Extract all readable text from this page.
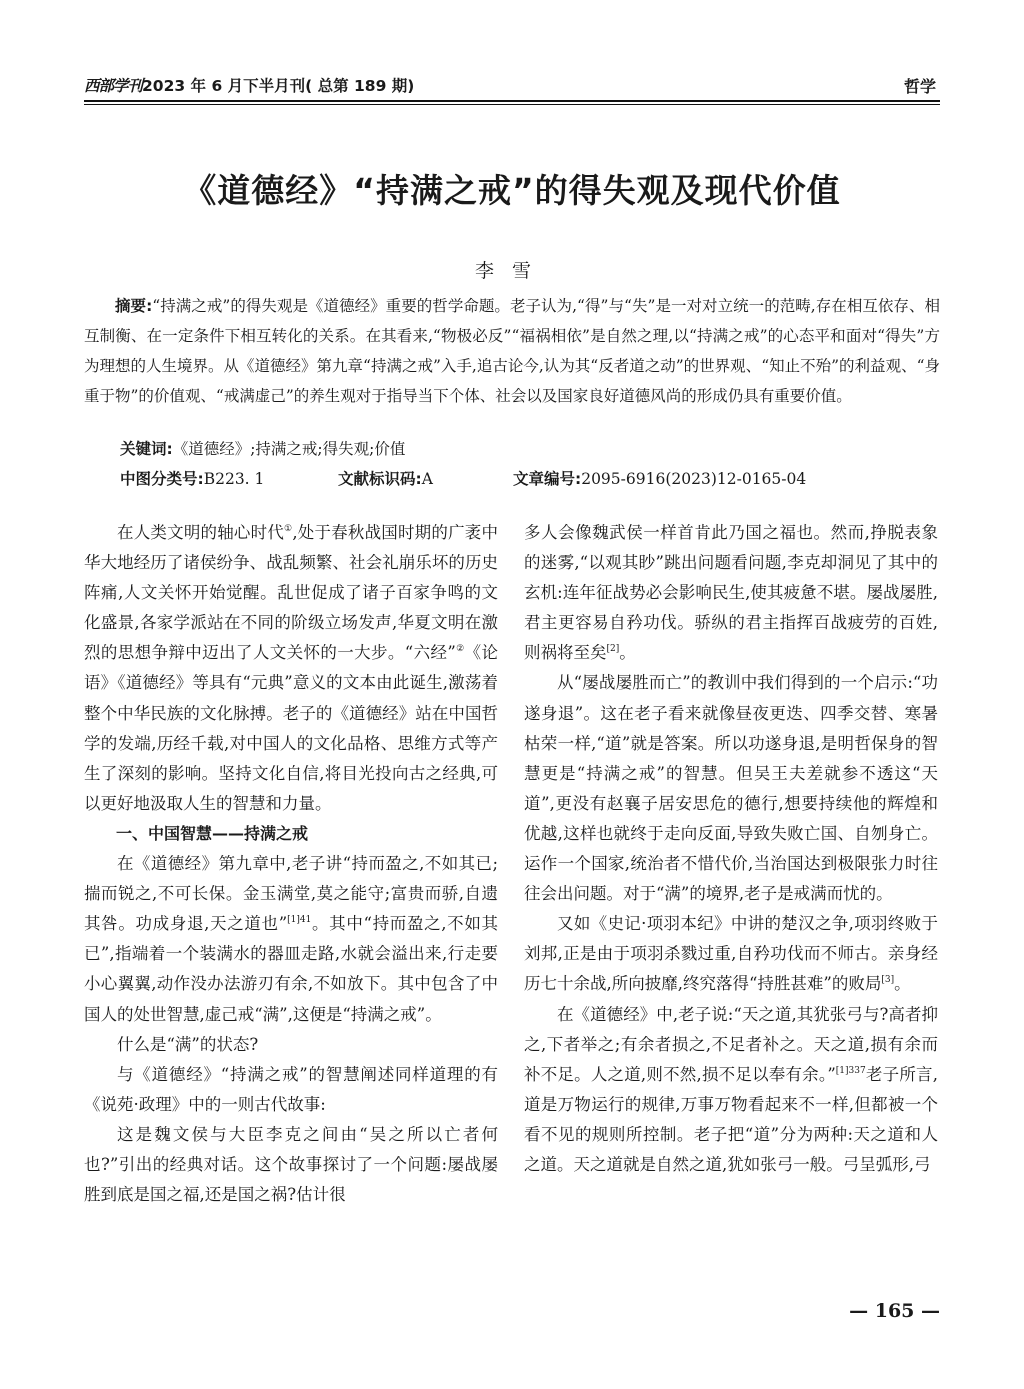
西部学刊2023 年 6 月下半月刊( 总第 189 期)	哲学
《道德经》“持满之戒”的得失观及现代价值
李雪

摘要:“持满之戒”的得失观是《道德经》重要的哲学命题。老子认为,“得”与“失”是一对对立统一的范畴,存在相互依存、相互制衡、在一定条件下相互转化的关系。在其看来,“物极必反”“福祸相依”是自然之理,以“持满之戒”的心态平和面对“得失”方为理想的人生境界。从《道德经》第九章“持满之戒”入手,追古论今,认为其“反者道之动”的世界观、“知止不殆”的利益观、“身重于物”的价值观、“戒满虚己”的养生观对于指导当下个体、社会以及国家良好道德风尚的形成仍具有重要价值。

关键词:《道德经》;持满之戒;得失观;价值
中图分类号:B223. 1	文献标识码:A	文章编号:2095-6916(2023)12-0165-04

在人类文明的轴心时代①,处于春秋战国时期的广袤中华大地经历了诸侯纷争、战乱频繁、社会礼崩乐坏的历史阵痛,人文关怀开始觉醒。乱世促成了诸子百家争鸣的文化盛景,各家学派站在不同的阶级立场发声,华夏文明在激烈的思想争辩中迈出了人文关怀的一大步。“六经”②《论语》《道德经》等具有“元典”意义的文本由此诞生,激荡着整个中华民族的文化脉搏。老子的《道德经》站在中国哲学的发端,历经千载,对中国人的文化品格、思维方式等产生了深刻的影响。坚持文化自信,将目光投向古之经典,可以更好地汲取人生的智慧和力量。

一、中国智慧——持满之戒

在《道德经》第九章中,老子讲“持而盈之,不如其已;揣而锐之,不可长保。金玉满堂,莫之能守;富贵而骄,自遗其咎。功成身退,天之道也”$^{[1]41}$。其中“持而盈之,不如其已”,指端着一个装满水的器皿走路,水就会溢出来,行走要小心翼翼,动作没办法游刃有余,不如放下。其中包含了中国人的处世智慧,虚己戒“满”,这便是“持满之戒”。

什么是“满”的状态?

与《道德经》“持满之戒”的智慧阐述同样道理的有《说苑·政理》中的一则古代故事:

这是魏文侯与大臣李克之间由“吴之所以亡者何也?”引出的经典对话。这个故事探讨了一个问题:屡战屡胜到底是国之福,还是国之祸?估计很

多人会像魏武侯一样首肯此乃国之福也。然而,挣脱表象的迷雾,“以观其眇”跳出问题看问题,李克却洞见了其中的玄机:连年征战势必会影响民生,使其疲惫不堪。屡战屡胜,君主更容易自矜功伐。骄纵的君主指挥百战疲劳的百姓,则祸将至矣[2]。

从“屡战屡胜而亡”的教训中我们得到的一个启示:“功遂身退”。这在老子看来就像昼夜更迭、四季交替、寒暑枯荣一样,“道”就是答案。所以功遂身退,是明哲保身的智慧更是“持满之戒”的智慧。但吴王夫差就参不透这“天道”,更没有赵襄子居安思危的德行,想要持续他的辉煌和优越,这样也就终于走向反面,导致失败亡国、自刎身亡。运作一个国家,统治者不惜代价,当治国达到极限张力时往往会出问题。对于“满”的境界,老子是戒满而忧的。

又如《史记·项羽本纪》中讲的楚汉之争,项羽终败于刘邦,正是由于项羽杀戮过重,自矜功伐而不师古。亲身经历七十余战,所向披靡,终究落得“持胜甚难”的败局[3]。

在《道德经》中,老子说:“天之道,其犹张弓与?高者抑之,下者举之;有余者损之,不足者补之。天之道,损有余而补不足。人之道,则不然,损不足以奉有余。”$^{[1]337}$老子所言,道是万物运行的规律,万事万物看起来不一样,但都被一个看不见的规则所控制。老子把“道”分为两种:天之道和人之道。天之道就是自然之道,犹如张弓一般。弓呈弧形,弓

— 165 —
